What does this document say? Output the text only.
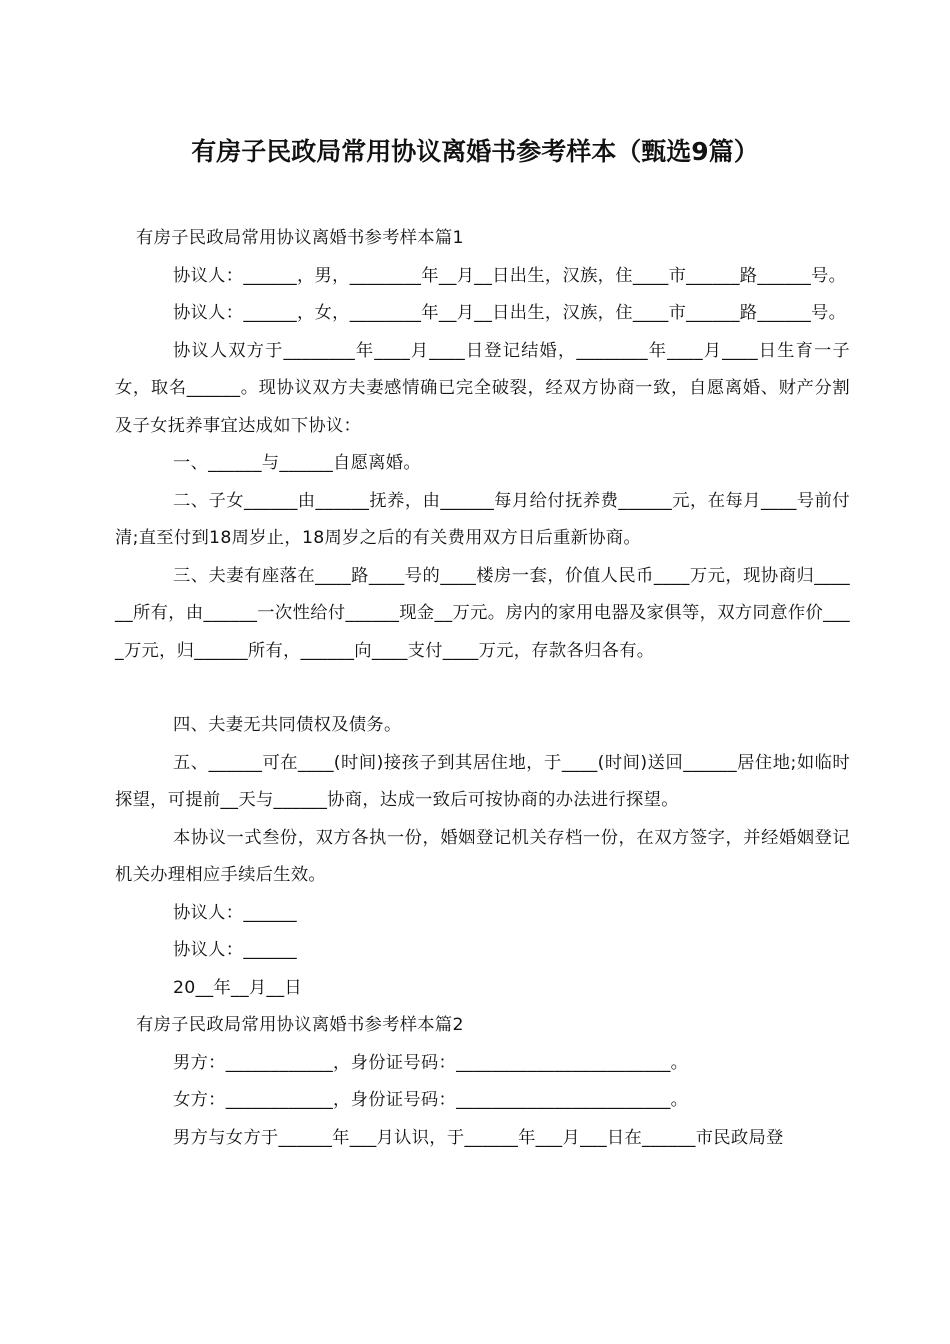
有房子民政局常用协议离婚书参考样本（甄选9篇）

有房子民政局常用协议离婚书参考样本篇1

协议人：______，男，________年__月__日出生，汉族，住____市______路______号。

协议人：______，女，________年__月__日出生，汉族，住____市______路______号。

协议人双方于________年____月____日登记结婚，________年____月____日生育一子女，取名______。现协议双方夫妻感情确已完全破裂，经双方协商一致，自愿离婚、财产分割及子女抚养事宜达成如下协议：

一、______与______自愿离婚。

二、子女______由______抚养，由______每月给付抚养费______元，在每月____号前付清;直至付到18周岁止，18周岁之后的有关费用双方日后重新协商。

三、夫妻有座落在____路____号的____楼房一套，价值人民币____万元，现协商归______所有，由______一次性给付______现金__万元。房内的家用电器及家俱等，双方同意作价____万元，归______所有，______向____支付____万元，存款各归各有。

四、夫妻无共同债权及债务。

五、______可在____(时间)接孩子到其居住地，于____(时间)送回______居住地;如临时探望，可提前__天与______协商，达成一致后可按协商的办法进行探望。

本协议一式叁份，双方各执一份，婚姻登记机关存档一份，在双方签字，并经婚姻登记机关办理相应手续后生效。

协议人：______

协议人：______

20__年__月__日

有房子民政局常用协议离婚书参考样本篇2

男方：____________，身份证号码：________________________。

女方：____________，身份证号码：________________________。

男方与女方于______年___月认识，于______年___月___日在______市民政局登
